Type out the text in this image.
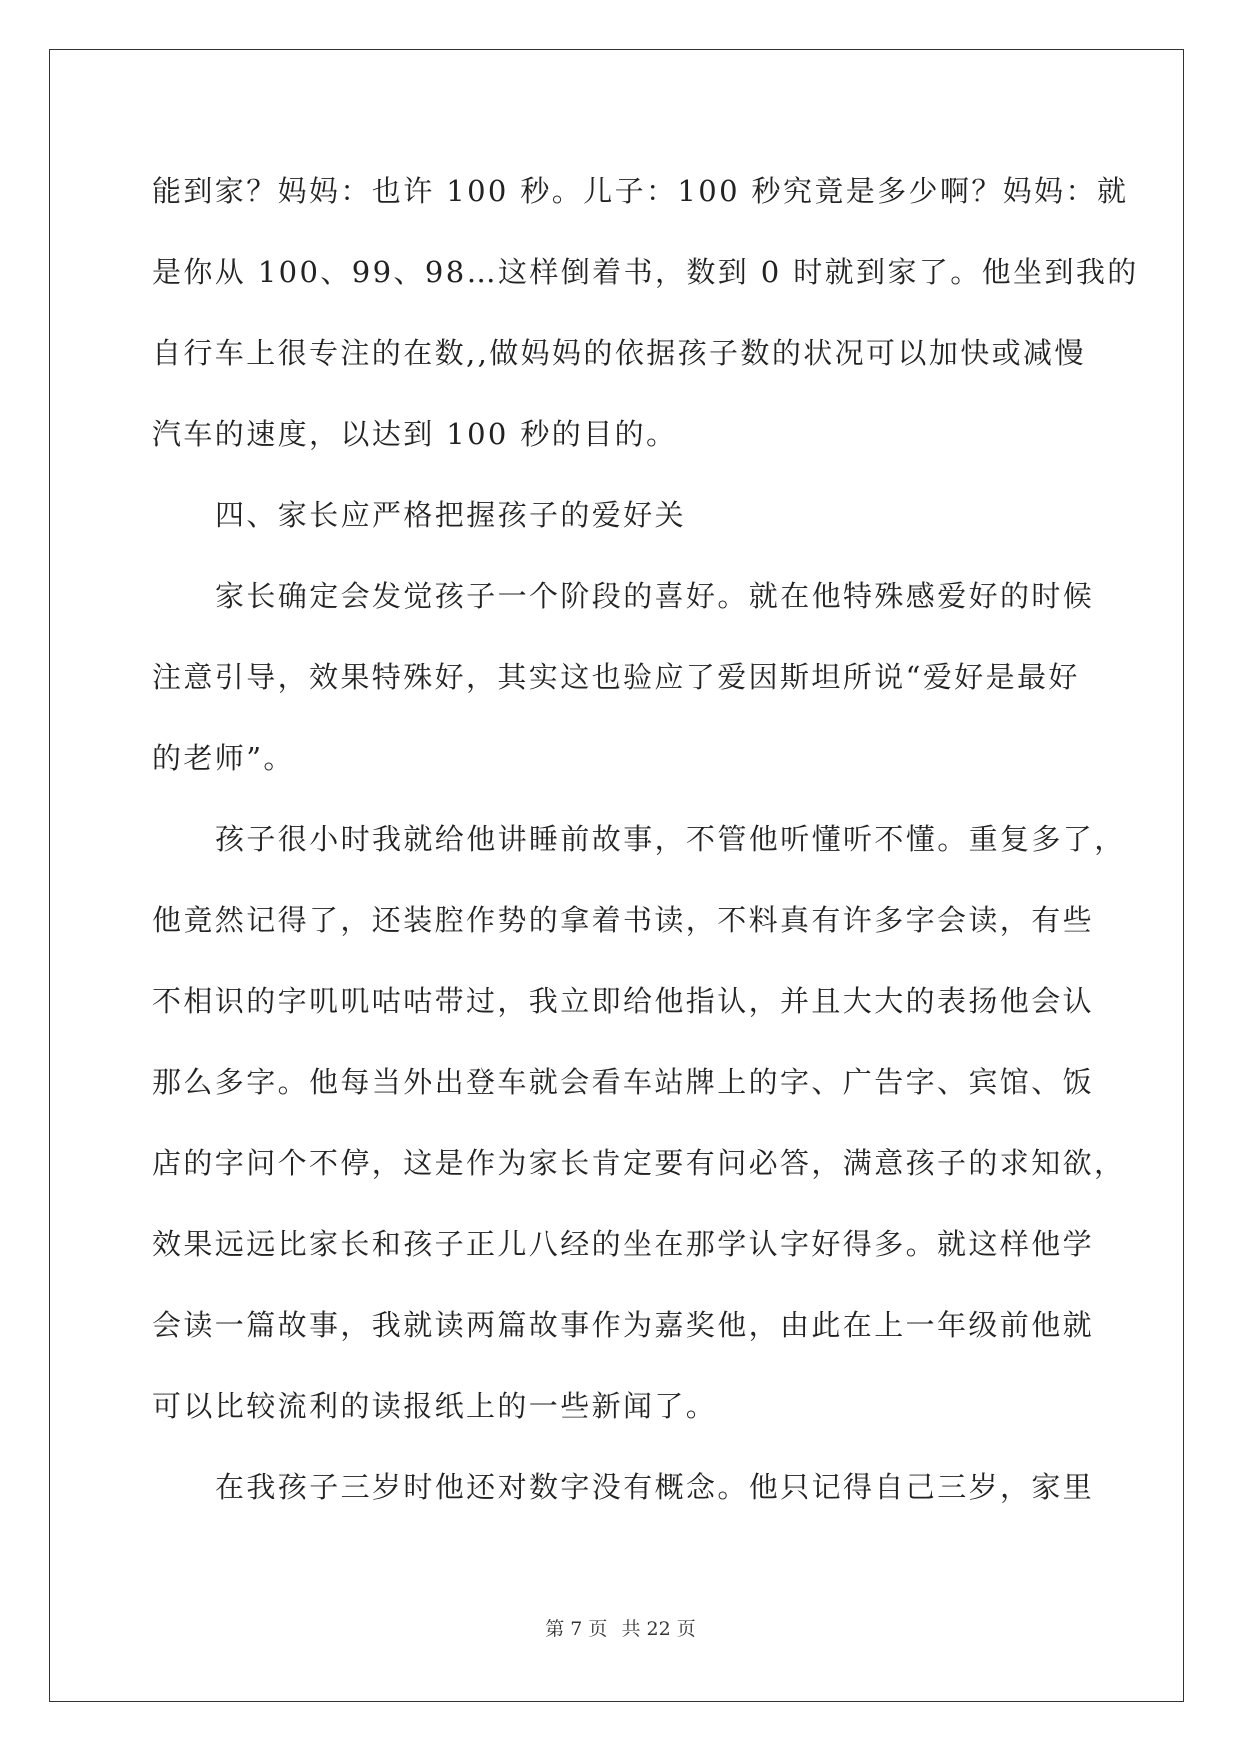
能到家？妈妈：也许 100 秒。儿子：100 秒究竟是多少啊？妈妈：就
是你从 100、99、98…这样倒着书，数到 0 时就到家了。他坐到我的
自行车上很专注的在数,,做妈妈的依据孩子数的状况可以加快或减慢
汽车的速度，以达到 100 秒的目的。
四、家长应严格把握孩子的爱好关
家长确定会发觉孩子一个阶段的喜好。就在他特殊感爱好的时候
注意引导，效果特殊好，其实这也验应了爱因斯坦所说“爱好是最好
的老师”。
孩子很小时我就给他讲睡前故事，不管他听懂听不懂。重复多了，
他竟然记得了，还装腔作势的拿着书读，不料真有许多字会读，有些
不相识的字叽叽咕咕带过，我立即给他指认，并且大大的表扬他会认
那么多字。他每当外出登车就会看车站牌上的字、广告字、宾馆、饭
店的字问个不停，这是作为家长肯定要有问必答，满意孩子的求知欲，
效果远远比家长和孩子正儿八经的坐在那学认字好得多。就这样他学
会读一篇故事，我就读两篇故事作为嘉奖他，由此在上一年级前他就
可以比较流利的读报纸上的一些新闻了。
在我孩子三岁时他还对数字没有概念。他只记得自己三岁，家里
第 7 页 共 22 页
